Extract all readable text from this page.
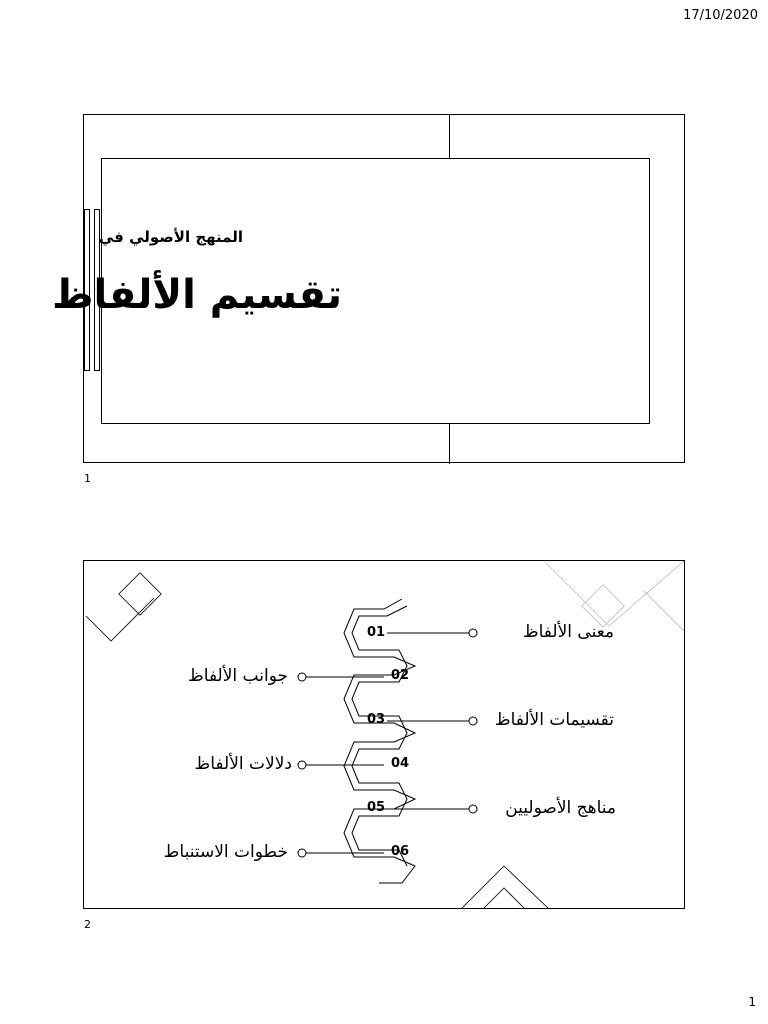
17/10/2020
المنهج الأصولي في
تقسيم الألفاظ
1
01
02
03
04
05
06
معنى الألفاظ
جوانب الألفاظ
تقسيمات الألفاظ
دلالات الألفاظ
مناهج الأصوليين
خطوات الاستنباط
2
1
